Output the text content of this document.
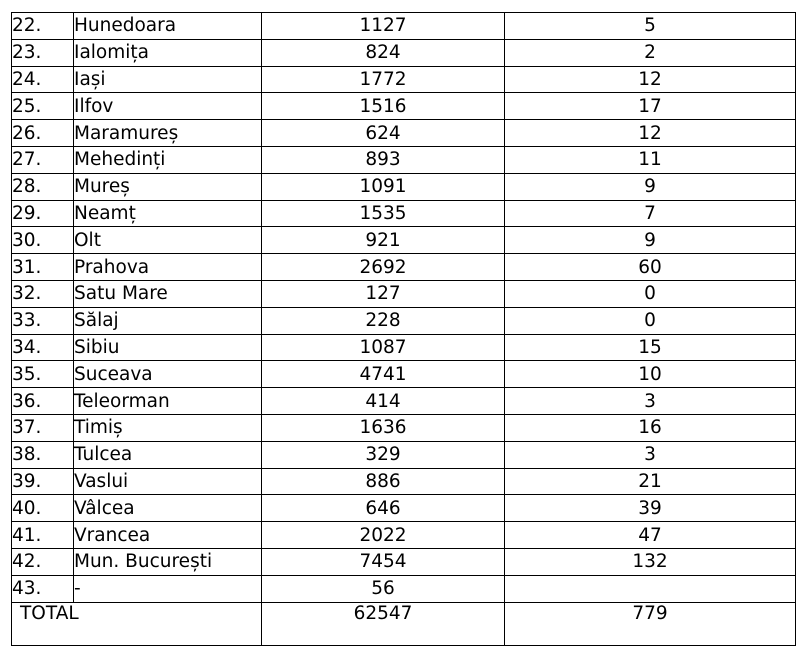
22.	Hunedoara	1127	5
23.	Ialomița	824	2
24.	Iași	1772	12
25.	Ilfov	1516	17
26.	Maramureș	624	12
27.	Mehedinți	893	11
28.	Mureș	1091	9
29.	Neamț	1535	7
30.	Olt	921	9
31.	Prahova	2692	60
32.	Satu Mare	127	0
33.	Sălaj	228	0
34.	Sibiu	1087	15
35.	Suceava	4741	10
36.	Teleorman	414	3
37.	Timiș	1636	16
38.	Tulcea	329	3
39.	Vaslui	886	21
40.	Vâlcea	646	39
41.	Vrancea	2022	47
42.	Mun. București	7454	132
43.	-	56	
TOTAL		62547	779
